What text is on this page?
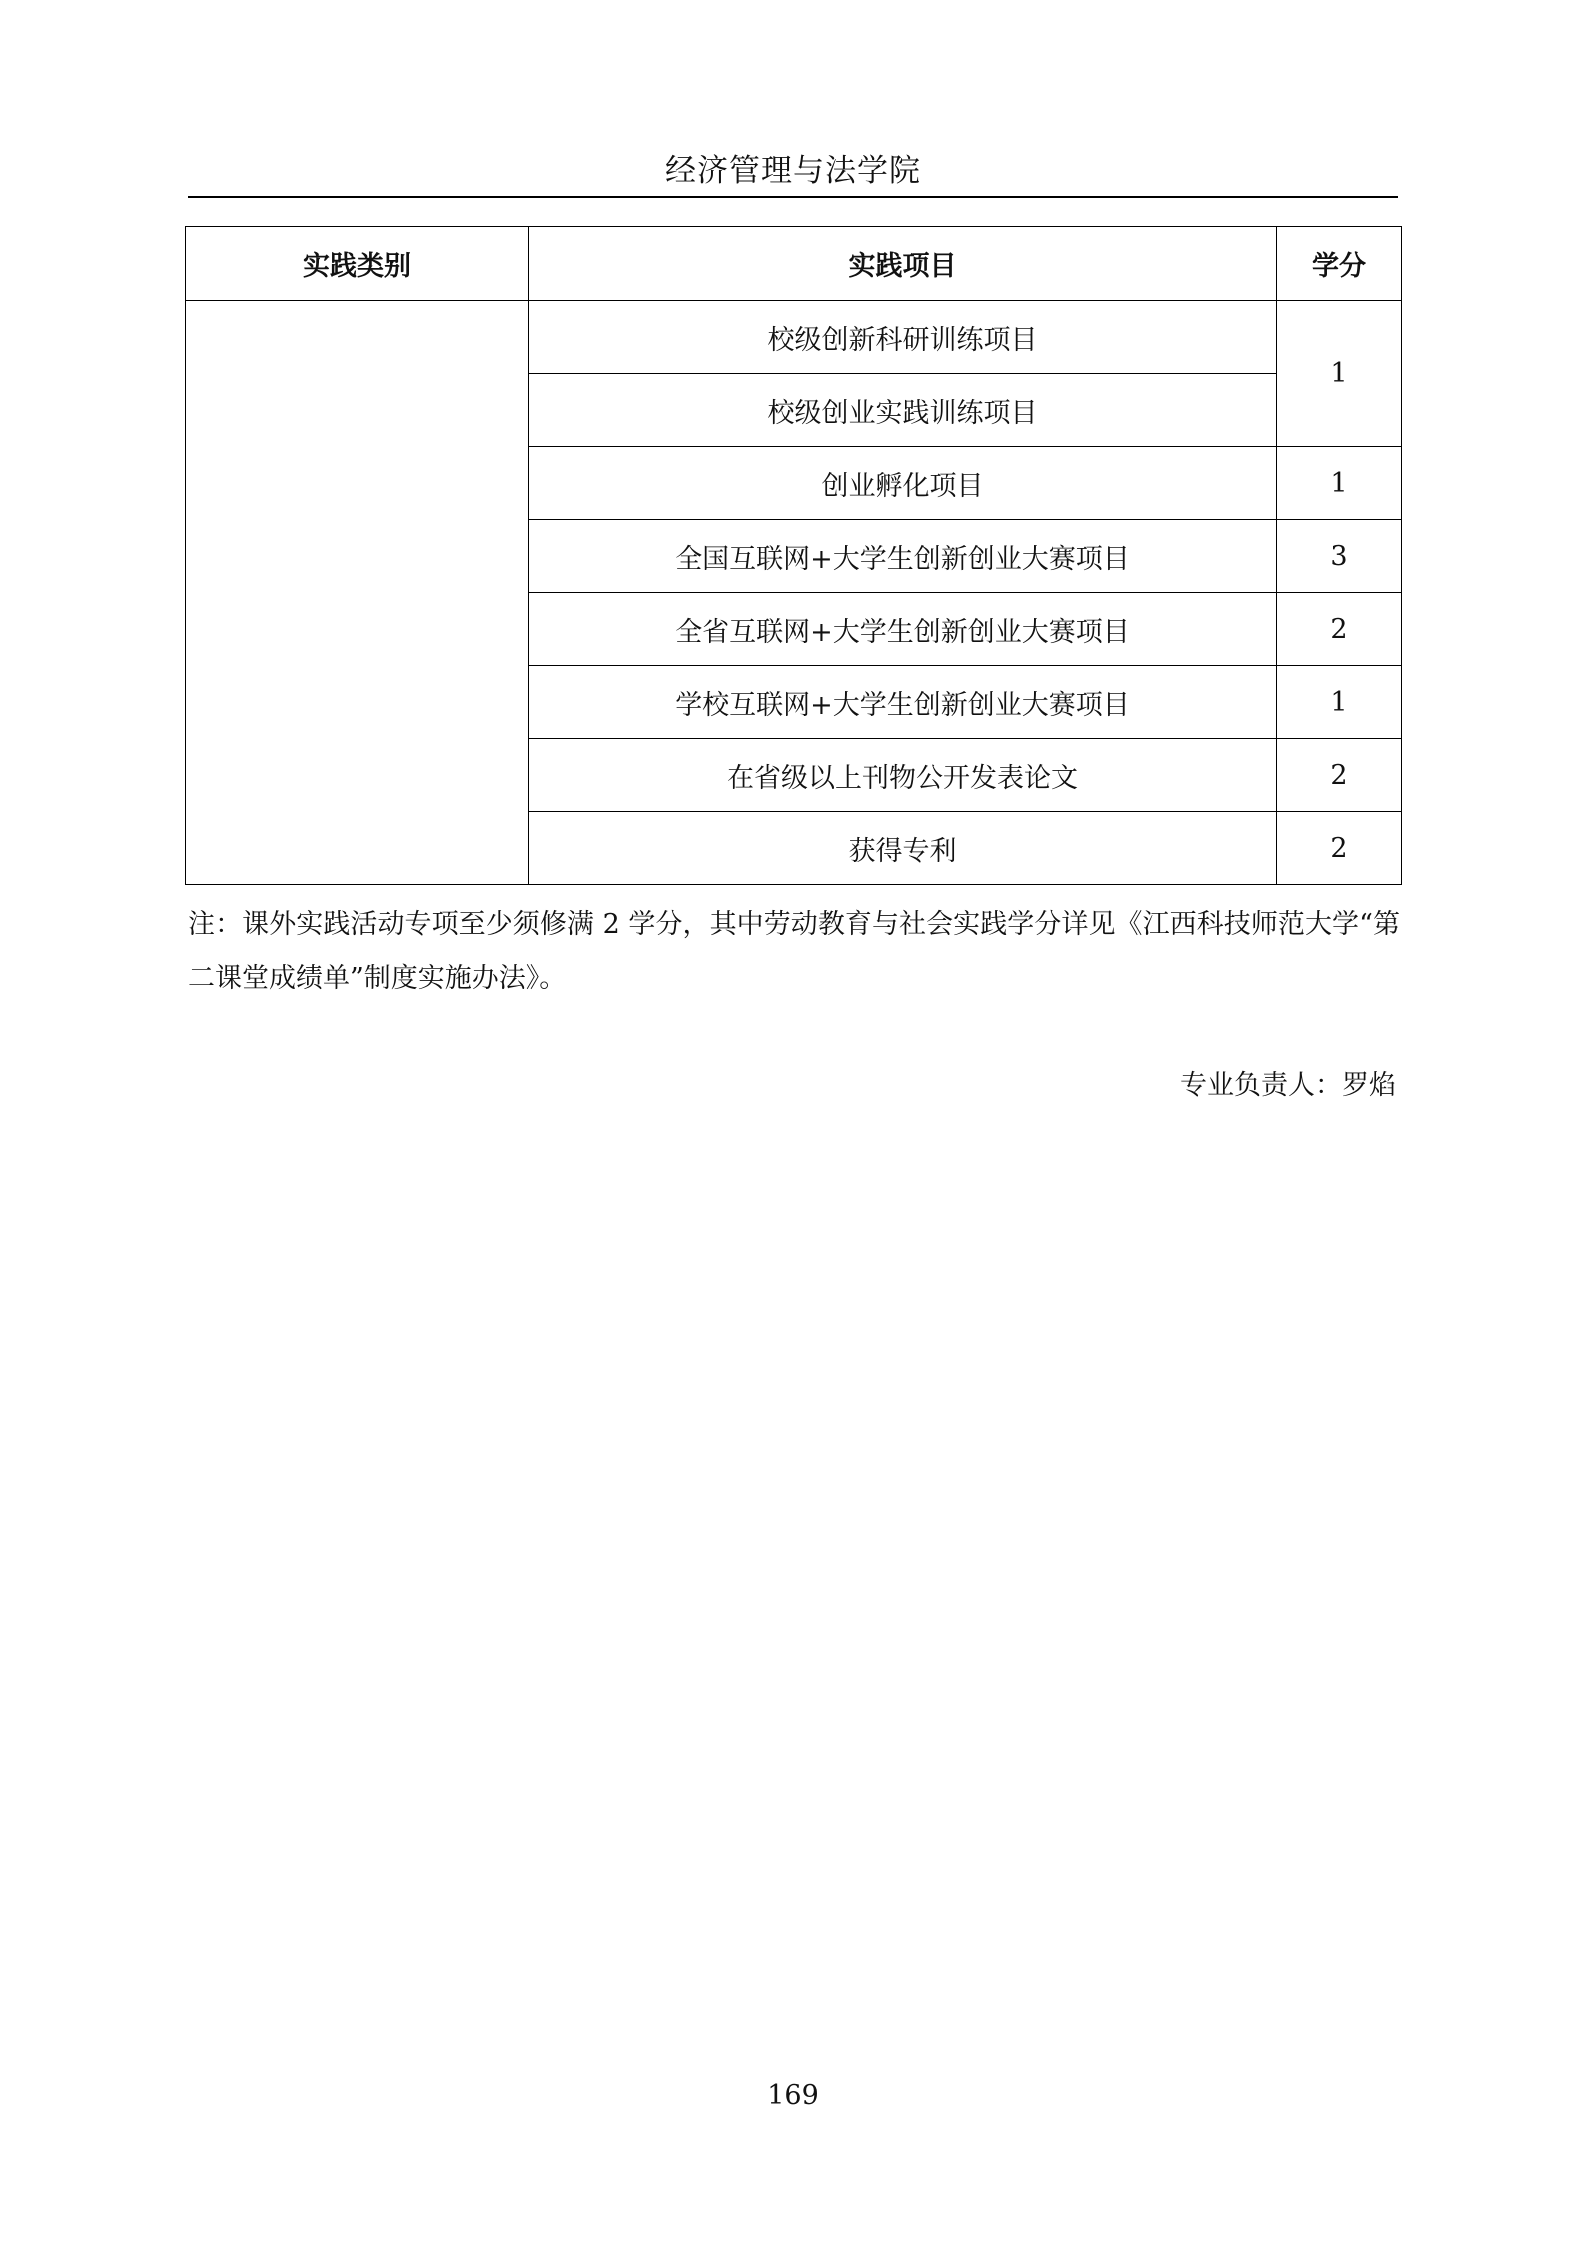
经济管理与法学院
实践类别	实践项目	学分
	校级创新科研训练项目	1
	校级创业实践训练项目	
	创业孵化项目	1
	全国互联网+大学生创新创业大赛项目	3
	全省互联网+大学生创新创业大赛项目	2
	学校互联网+大学生创新创业大赛项目	1
	在省级以上刊物公开发表论文	2
	获得专利	2
注：课外实践活动专项至少须修满 2 学分，其中劳动教育与社会实践学分详见《江西科技师范大学“第二课堂成绩单”制度实施办法》。
专业负责人：罗焰
169
